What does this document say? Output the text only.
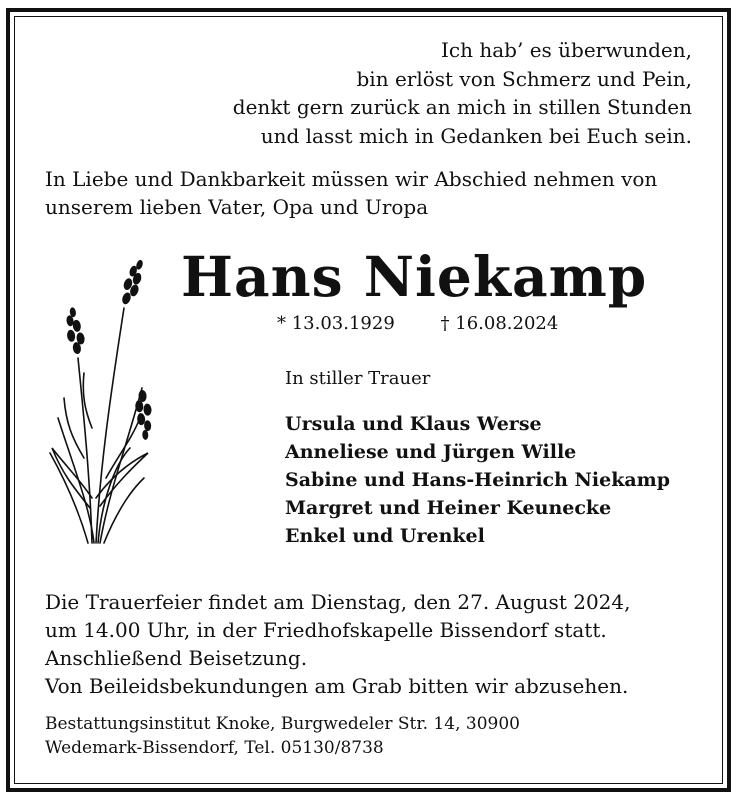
Ich hab’ es überwunden,
bin erlöst von Schmerz und Pein,
denkt gern zurück an mich in stillen Stunden
und lasst mich in Gedanken bei Euch sein.
In Liebe und Dankbarkeit müssen wir Abschied nehmen von
unserem lieben Vater, Opa und Uropa
Hans Niekamp
* 13.03.1929	† 16.08.2024
In stiller Trauer
Ursula und Klaus Werse
Anneliese und Jürgen Wille
Sabine und Hans-Heinrich Niekamp
Margret und Heiner Keunecke
Enkel und Urenkel
Die Trauerfeier findet am Dienstag, den 27. August 2024,
um 14.00 Uhr, in der Friedhofskapelle Bissendorf statt.
Anschließend Beisetzung.
Von Beileidsbekundungen am Grab bitten wir abzusehen.
Bestattungsinstitut Knoke, Burgwedeler Str. 14, 30900
Wedemark-Bissendorf, Tel. 05130/8738
